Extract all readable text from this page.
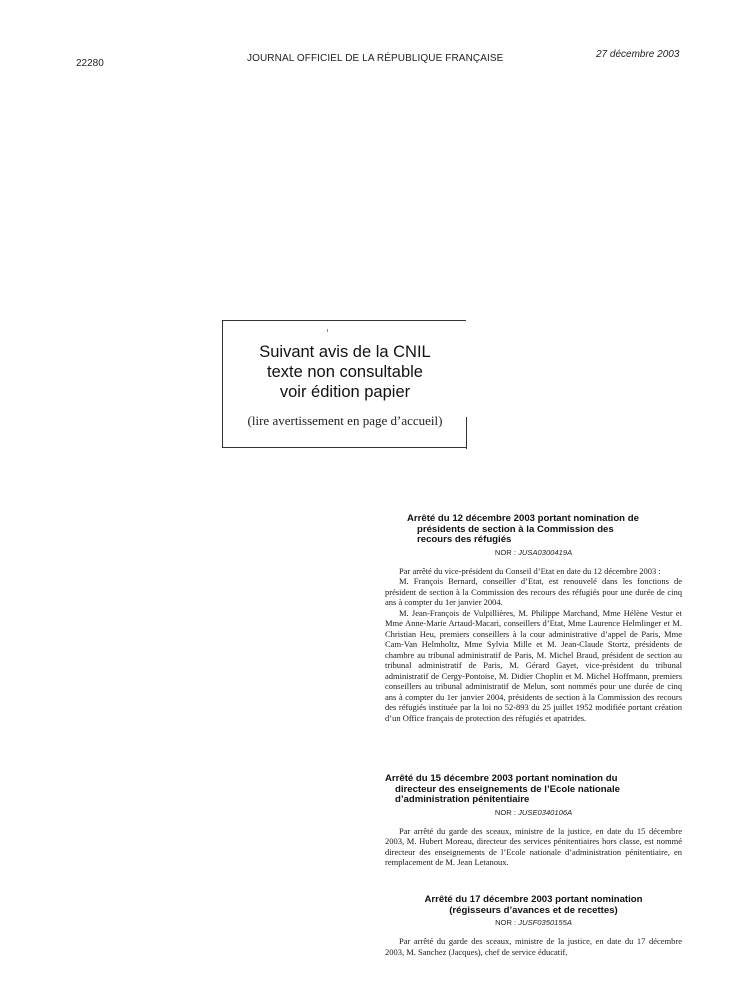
22280	JOURNAL OFFICIEL DE LA RÉPUBLIQUE FRANÇAISE	27 décembre 2003
Suivant avis de la CNIL
texte non consultable
voir édition papier
(lire avertissement en page d’accueil)
Arrêté du 12 décembre 2003 portant nomination de
présidents de section à la Commission des
recours des réfugiés
NOR : JUSA0300419A

Par arrêté du vice-président du Conseil d’Etat en date du 12 décembre 2003 :

M. François Bernard, conseiller d’Etat, est renouvelé dans les fonctions de président de section à la Commission des recours des réfugiés pour une durée de cinq ans à compter du 1er janvier 2004.

M. Jean-François de Vulpillières, M. Philippe Marchand, Mme Hélène Vestur et Mme Anne-Marie Artaud-Macari, conseillers d’Etat, Mme Laurence Helmlinger et M. Christian Heu, premiers conseillers à la cour administrative d’appel de Paris, Mme Cam-Van Helmholtz, Mme Sylvia Mille et M. Jean-Claude Stortz, présidents de chambre au tribunal administratif de Paris, M. Michel Braud, président de section au tribunal administratif de Paris, M. Gérard Gayet, vice-président du tribunal administratif de Cergy-Pontoise, M. Didier Choplin et M. Michel Hoffmann, premiers conseillers au tribunal administratif de Melun, sont nommés pour une durée de cinq ans à compter du 1er janvier 2004, présidents de section à la Commission des recours des réfugiés instituée par la loi no 52-893 du 25 juillet 1952 modifiée portant création d’un Office français de protection des réfugiés et apatrides.

Arrêté du 15 décembre 2003 portant nomination du
directeur des enseignements de l’Ecole nationale
d’administration pénitentiaire
NOR : JUSE0340106A

Par arrêté du garde des sceaux, ministre de la justice, en date du 15 décembre 2003, M. Hubert Moreau, directeur des services pénitentiaires hors classe, est nommé directeur des enseignements de l’Ecole nationale d’administration pénitentiaire, en remplacement de M. Jean Letanoux.

Arrêté du 17 décembre 2003 portant nomination
(régisseurs d’avances et de recettes)
NOR : JUSF0350155A

Par arrêté du garde des sceaux, ministre de la justice, en date du 17 décembre 2003, M. Sanchez (Jacques), chef de service éducatif,
